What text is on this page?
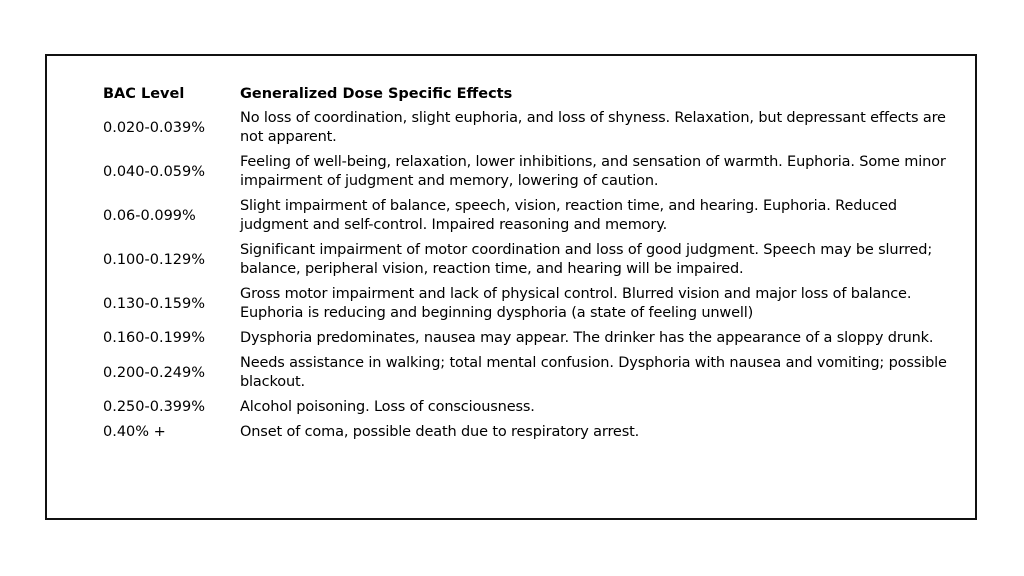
BAC Level	Generalized Dose Specific Effects
0.020-0.039%	No loss of coordination, slight euphoria, and loss of shyness. Relaxation, but depressant effects are not apparent.
0.040-0.059%	Feeling of well-being, relaxation, lower inhibitions, and sensation of warmth. Euphoria. Some minor impairment of judgment and memory, lowering of caution.
0.06-0.099%	Slight impairment of balance, speech, vision, reaction time, and hearing. Euphoria. Reduced judgment and self-control. Impaired reasoning and memory.
0.100-0.129%	Significant impairment of motor coordination and loss of good judgment. Speech may be slurred; balance, peripheral vision, reaction time, and hearing will be impaired.
0.130-0.159%	Gross motor impairment and lack of physical control. Blurred vision and major loss of balance. Euphoria is reducing and beginning dysphoria (a state of feeling unwell)
0.160-0.199%	Dysphoria predominates, nausea may appear. The drinker has the appearance of a sloppy drunk.
0.200-0.249%	Needs assistance in walking; total mental confusion. Dysphoria with nausea and vomiting; possible blackout.
0.250-0.399%	Alcohol poisoning. Loss of consciousness.
0.40% +	Onset of coma, possible death due to respiratory arrest.
